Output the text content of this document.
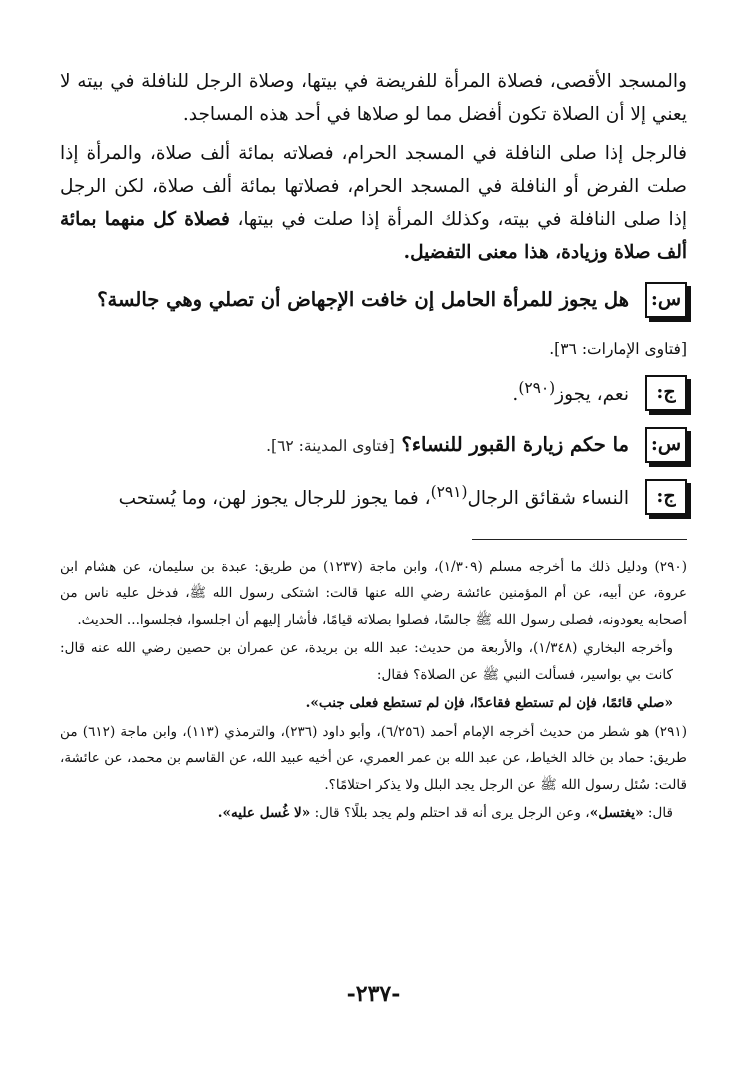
والمسجد الأقصى، فصلاة المرأة للفريضة في بيتها، وصلاة الرجل للنافلة في بيته لا يعني إلا أن الصلاة تكون أفضل مما لو صلاها في أحد هذه المساجد.

فالرجل إذا صلى النافلة في المسجد الحرام، فصلاته بمائة ألف صلاة، والمرأة إذا صلت الفرض أو النافلة في المسجد الحرام، فصلاتها بمائة ألف صلاة، لكن الرجل إذا صلى النافلة في بيته، وكذلك المرأة إذا صلت في بيتها، فصلاة كل منهما بمائة ألف صلاة وزيادة، هذا معنى التفضيل.

س:
هل يجوز للمرأة الحامل إن خافت الإجهاض أن تصلي وهي جالسة؟

[فتاوى الإمارات: ٣٦].

ج:
نعم، يجوز$^{(٢٩٠)}$.
س:
ما حكم زيارة القبور للنساء؟ [فتاوى المدينة: ٦٢].
ج:
النساء شقائق الرجال$^{(٢٩١)}$، فما يجوز للرجال يجوز لهن، وما يُستحب

(٢٩٠) ودليل ذلك ما أخرجه مسلم (١/٣٠٩)، وابن ماجة (١٢٣٧) من طريق: عبدة بن سليمان، عن هشام ابن عروة، عن أبيه، عن أم المؤمنين عائشة رضي الله عنها قالت: اشتكى رسول الله ﷺ، فدخل عليه ناس من أصحابه يعودونه، فصلى رسول الله ﷺ جالسًا، فصلوا بصلاته قيامًا، فأشار إليهم أن اجلسوا، فجلسوا... الحديث.

وأخرجه البخاري (١/٣٤٨)، والأربعة من حديث: عبد الله بن بريدة، عن عمران بن حصين رضي الله عنه قال: كانت بي بواسير، فسألت النبي ﷺ عن الصلاة؟ فقال:

«صلي قائمًا، فإن لم تستطع فقاعدًا، فإن لم تستطع فعلى جنب».

(٢٩١) هو شطر من حديث أخرجه الإمام أحمد (٦/٢٥٦)، وأبو داود (٢٣٦)، والترمذي (١١٣)، وابن ماجة (٦١٢) من طريق: حماد بن خالد الخياط، عن عبد الله بن عمر العمري، عن أخيه عبيد الله، عن القاسم بن محمد، عن عائشة، قالت: سُئل رسول الله ﷺ عن الرجل يجد البلل ولا يذكر احتلامًا؟.

قال: «يغتسل»، وعن الرجل يرى أنه قد احتلم ولم يجد بللًا؟ قال: «لا غُسل عليه».

-٢٣٧-
